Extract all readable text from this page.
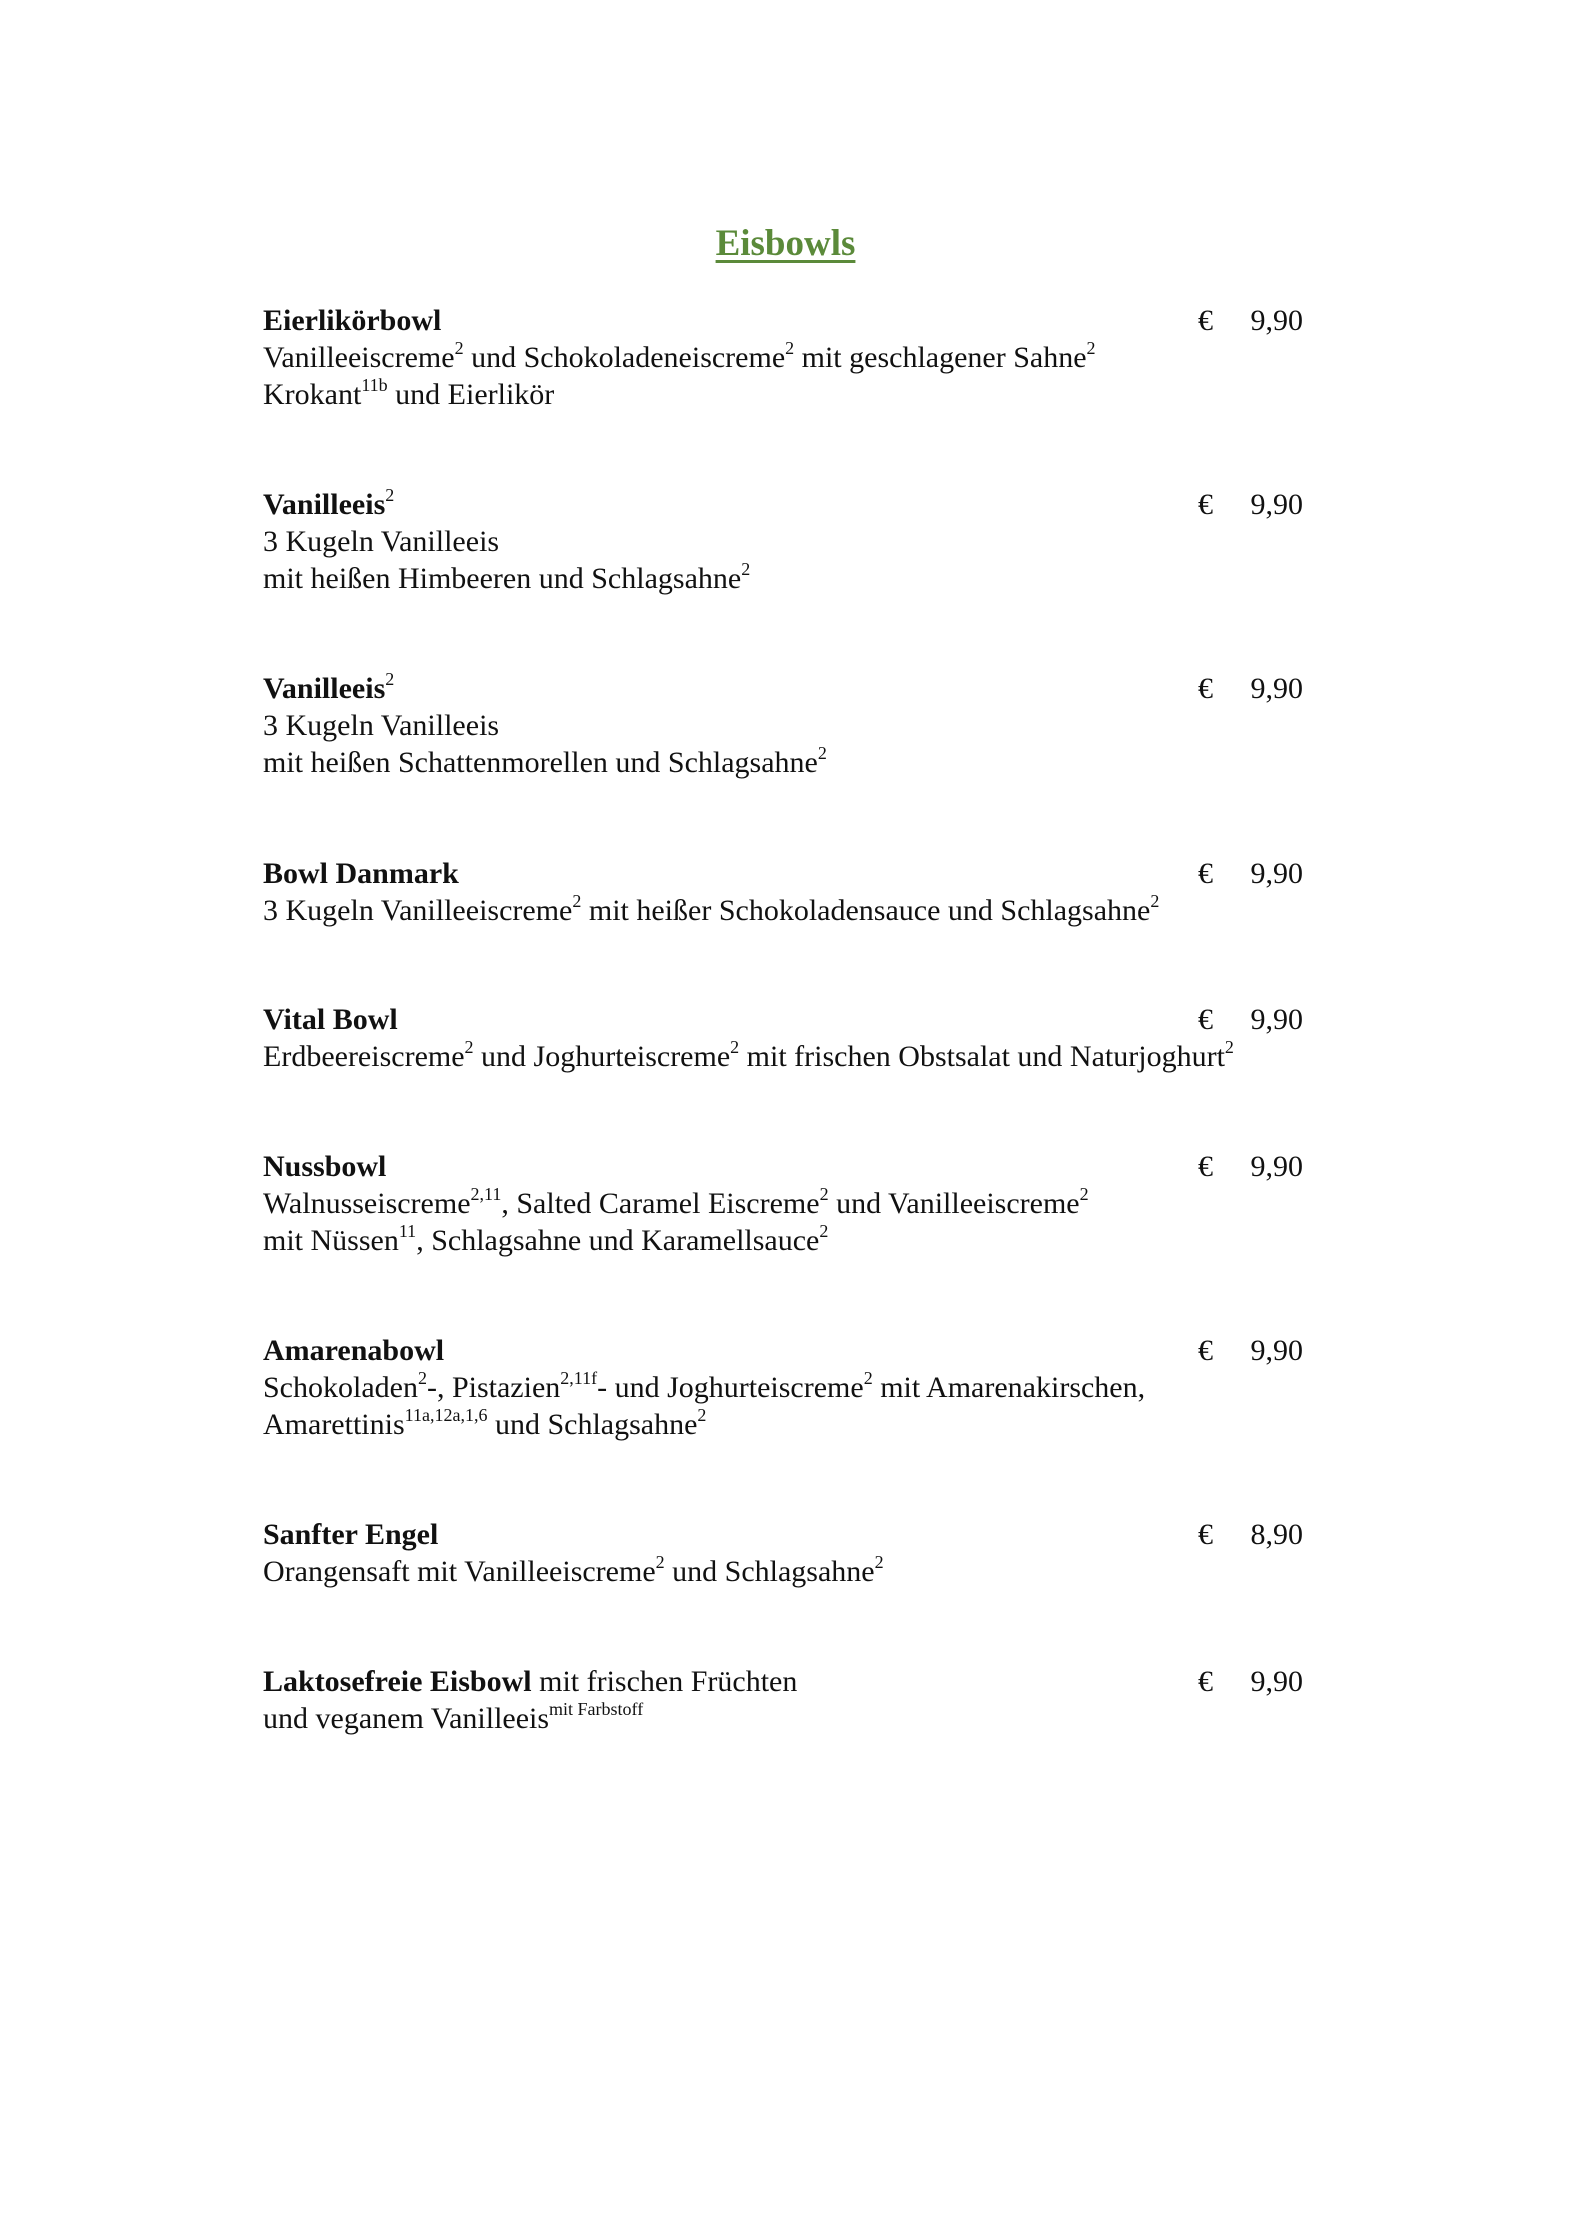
Eisbowls
Eierlikörbowl	€ 9,90
Vanilleeiscreme$^2$ und Schokoladeneiscreme$^2$ mit geschlagener Sahne$^2$
Krokant$^{11b}$ und Eierlikör
Vanilleeis$^2$	€ 9,90
3 Kugeln Vanilleeis
mit heißen Himbeeren und Schlagsahne$^2$
Vanilleeis$^2$	€ 9,90
3 Kugeln Vanilleeis
mit heißen Schattenmorellen und Schlagsahne$^2$
Bowl Danmark	€ 9,90
3 Kugeln Vanilleeiscreme$^2$ mit heißer Schokoladensauce und Schlagsahne$^2$
Vital Bowl	€ 9,90
Erdbeereiscreme$^2$ und Joghurteiscreme$^2$ mit frischen Obstsalat und Naturjoghurt$^2$
Nussbowl	€ 9,90
Walnusseiscreme$^{2,11}$, Salted Caramel Eiscreme$^2$ und Vanilleeiscreme$^2$
mit Nüssen$^{11}$, Schlagsahne und Karamellsauce$^2$
Amarenabowl	€ 9,90
Schokoladen$^2$-, Pistazien$^{2,11f}$- und Joghurteiscreme$^2$ mit Amarenakirschen,
Amarettinis$^{11a,12a,1,6}$ und Schlagsahne$^2$
Sanfter Engel	€ 8,90
Orangensaft mit Vanilleeiscreme$^2$ und Schlagsahne$^2$
Laktosefreie Eisbowl mit frischen Früchten	€ 9,90
und veganem Vanilleeis$^{mit Farbstoff}$
